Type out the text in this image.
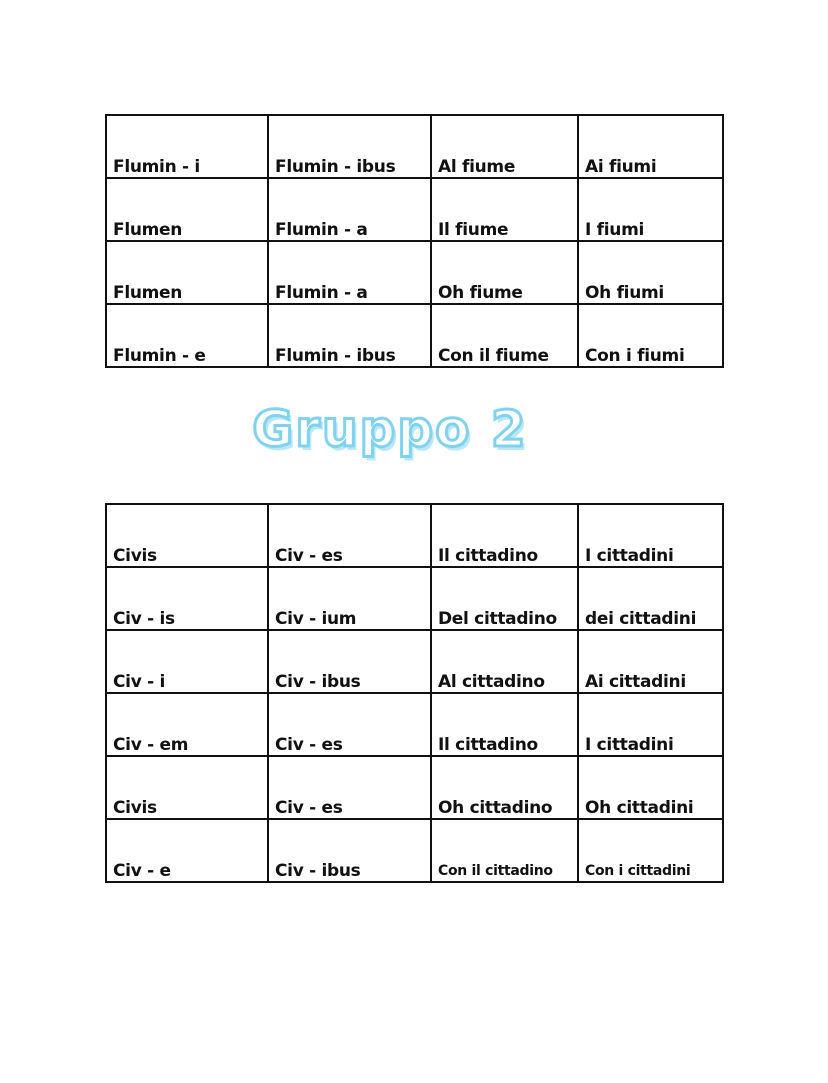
Flumin - i	Flumin - ibus	Al fiume	Ai fiumi

Flumen	Flumin - a	Il fiume	I fiumi

Flumen	Flumin - a	Oh fiume	Oh fiumi

Flumin - e	Flumin - ibus	Con il fiume	Con i fiumi
Gruppo 2
Civis	Civ - es	Il cittadino	I cittadini

Civ - is	Civ - ium	Del cittadino	dei cittadini

Civ - i	Civ - ibus	Al cittadino	Ai cittadini

Civ - em	Civ - es	Il cittadino	I cittadini

Civis	Civ - es	Oh cittadino	Oh cittadini

Civ - e	Civ - ibus	Con il cittadino	Con i cittadini
